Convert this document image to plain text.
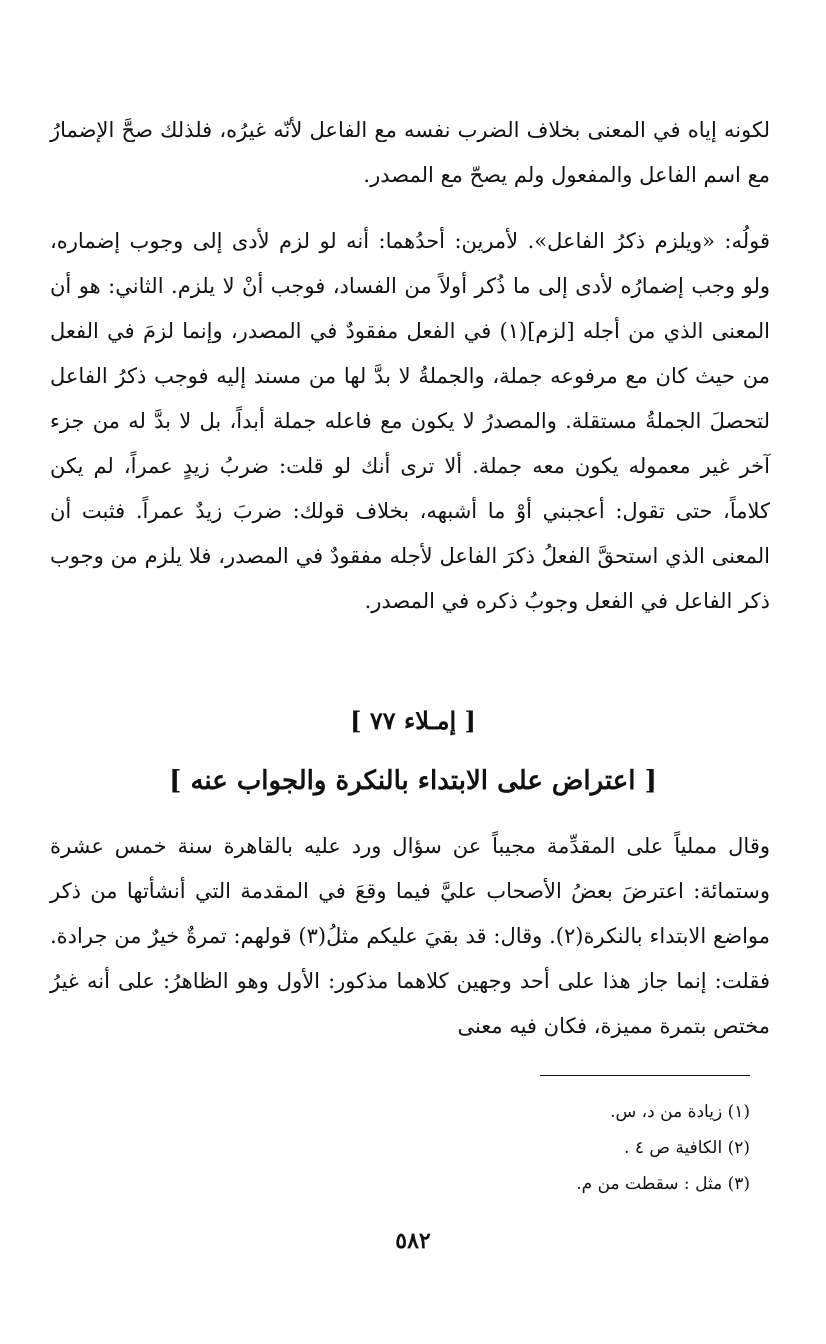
لكونه إياه في المعنى بخلاف الضرب نفسه مع الفاعل لأنّه غيرُه، فلذلك صحَّ الإضمارُ مع اسم الفاعل والمفعول ولم يصحّ مع المصدر.

قولُه: «ويلزم ذكرُ الفاعل». لأمرين: أحدُهما: أنه لو لزم لأدى إلى وجوب إضماره، ولو وجب إضمارُه لأدى إلى ما ذُكر أولاً من الفساد، فوجب أنْ لا يلزم. الثاني: هو أن المعنى الذي من أجله [لزم](١) في الفعل مفقودٌ في المصدر، وإنما لزمَ في الفعل من حيث كان مع مرفوعه جملة، والجملةُ لا بدَّ لها من مسند إليه فوجب ذكرُ الفاعل لتحصلَ الجملةُ مستقلة. والمصدرُ لا يكون مع فاعله جملة أبداً، بل لا بدَّ له من جزء آخر غير معموله يكون معه جملة. ألا ترى أنك لو قلت: ضربُ زيدٍ عمراً، لم يكن كلاماً، حتى تقول: أعجبني أوْ ما أشبهه، بخلاف قولك: ضربَ زيدٌ عمراً. فثبت أن المعنى الذي استحقَّ الفعلُ ذكرَ الفاعل لأجله مفقودٌ في المصدر، فلا يلزم من وجوب ذكر الفاعل في الفعل وجوبُ ذكره في المصدر.

[ إمـلاء ٧٧ ]
[ اعتراض على الابتداء بالنكرة والجواب عنه ]

وقال مملياً على المقدِّمة مجيباً عن سؤال ورد عليه بالقاهرة سنة خمس عشرة وستمائة: اعترضَ بعضُ الأصحاب عليَّ فيما وقعَ في المقدمة التي أنشأتها من ذكر مواضع الابتداء بالنكرة(٢). وقال: قد بقيَ عليكم مثلُ(٣) قولهم: تمرةٌ خيرٌ من جرادة. فقلت: إنما جاز هذا على أحد وجهين كلاهما مذكور: الأول وهو الظاهرُ: على أنه غيرُ مختص بتمرة مميزة، فكان فيه معنى

(١) زيادة من د، س.
(٢) الكافية ص ٤ .
(٣) مثل : سقطت من م.
٥٨٢
